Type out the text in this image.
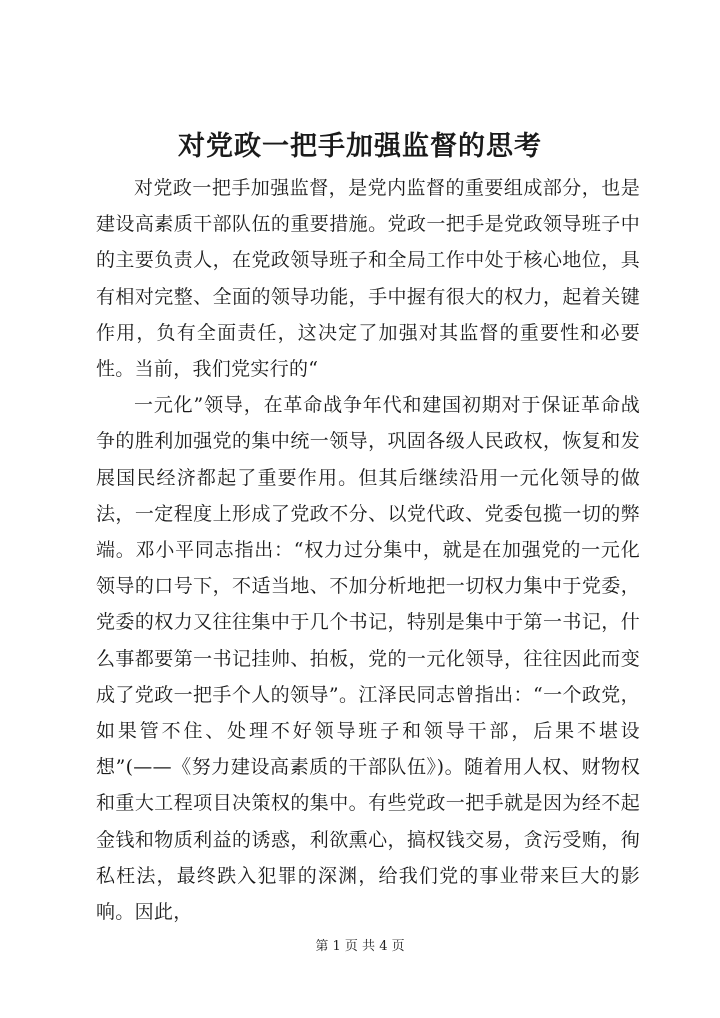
对党政一把手加强监督的思考

对党政一把手加强监督，是党内监督的重要组成部分，也是建设高素质干部队伍的重要措施。党政一把手是党政领导班子中的主要负责人，在党政领导班子和全局工作中处于核心地位，具有相对完整、全面的领导功能，手中握有很大的权力，起着关键作用，负有全面责任，这决定了加强对其监督的重要性和必要性。当前，我们党实行的“

一元化”领导，在革命战争年代和建国初期对于保证革命战争的胜利加强党的集中统一领导，巩固各级人民政权，恢复和发展国民经济都起了重要作用。但其后继续沿用一元化领导的做法，一定程度上形成了党政不分、以党代政、党委包揽一切的弊端。邓小平同志指出：“权力过分集中，就是在加强党的一元化领导的口号下，不适当地、不加分析地把一切权力集中于党委，党委的权力又往往集中于几个书记，特别是集中于第一书记，什么事都要第一书记挂帅、拍板，党的一元化领导，往往因此而变成了党政一把手个人的领导”。江泽民同志曾指出：“一个政党，如果管不住、处理不好领导班子和领导干部，后果不堪设想”(——《努力建设高素质的干部队伍》)。随着用人权、财物权和重大工程项目决策权的集中。有些党政一把手就是因为经不起金钱和物质利益的诱惑，利欲熏心，搞权钱交易，贪污受贿，徇私枉法，最终跌入犯罪的深渊，给我们党的事业带来巨大的影响。因此，

第 1 页 共 4 页
